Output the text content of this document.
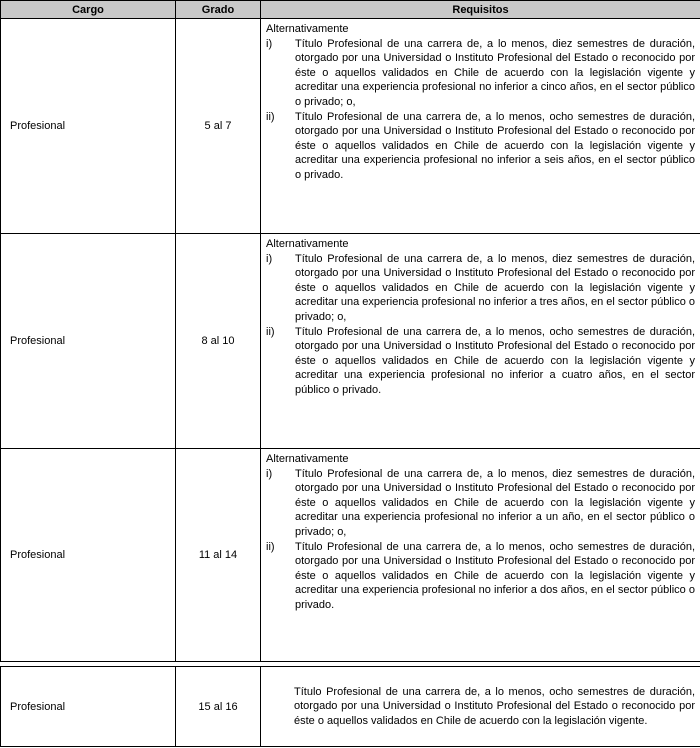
Cargo	Grado	Requisitos
Profesional	5 al 7	Alternativamente
i) Título Profesional de una carrera de, a lo menos, diez semestres de duración, otorgado por una Universidad o Instituto Profesional del Estado o reconocido por éste o aquellos validados en Chile de acuerdo con la legislación vigente y acreditar una experiencia profesional no inferior a cinco años, en el sector público o privado; o,
ii) Título Profesional de una carrera de, a lo menos, ocho semestres de duración, otorgado por una Universidad o Instituto Profesional del Estado o reconocido por éste o aquellos validados en Chile de acuerdo con la legislación vigente y acreditar una experiencia profesional no inferior a seis años, en el sector público o privado.

Profesional	8 al 10	Alternativamente
i) Título Profesional de una carrera de, a lo menos, diez semestres de duración, otorgado por una Universidad o Instituto Profesional del Estado o reconocido por éste o aquellos validados en Chile de acuerdo con la legislación vigente y acreditar una experiencia profesional no inferior a tres años, en el sector público o privado; o,
ii) Título Profesional de una carrera de, a lo menos, ocho semestres de duración, otorgado por una Universidad o Instituto Profesional del Estado o reconocido por éste o aquellos validados en Chile de acuerdo con la legislación vigente y acreditar una experiencia profesional no inferior a cuatro años, en el sector público o privado.

Profesional	11 al 14	Alternativamente
i) Título Profesional de una carrera de, a lo menos, diez semestres de duración, otorgado por una Universidad o Instituto Profesional del Estado o reconocido por éste o aquellos validados en Chile de acuerdo con la legislación vigente y acreditar una experiencia profesional no inferior a un año, en el sector público o privado; o,
ii) Título Profesional de una carrera de, a lo menos, ocho semestres de duración, otorgado por una Universidad o Instituto Profesional del Estado o reconocido por éste o aquellos validados en Chile de acuerdo con la legislación vigente y acreditar una experiencia profesional no inferior a dos años, en el sector público o privado.
Profesional	15 al 16	
Título Profesional de una carrera de, a lo menos, ocho semestres de duración, otorgado por una Universidad o Instituto Profesional del Estado o reconocido por éste o aquellos validados en Chile de acuerdo con la legislación vigente.
